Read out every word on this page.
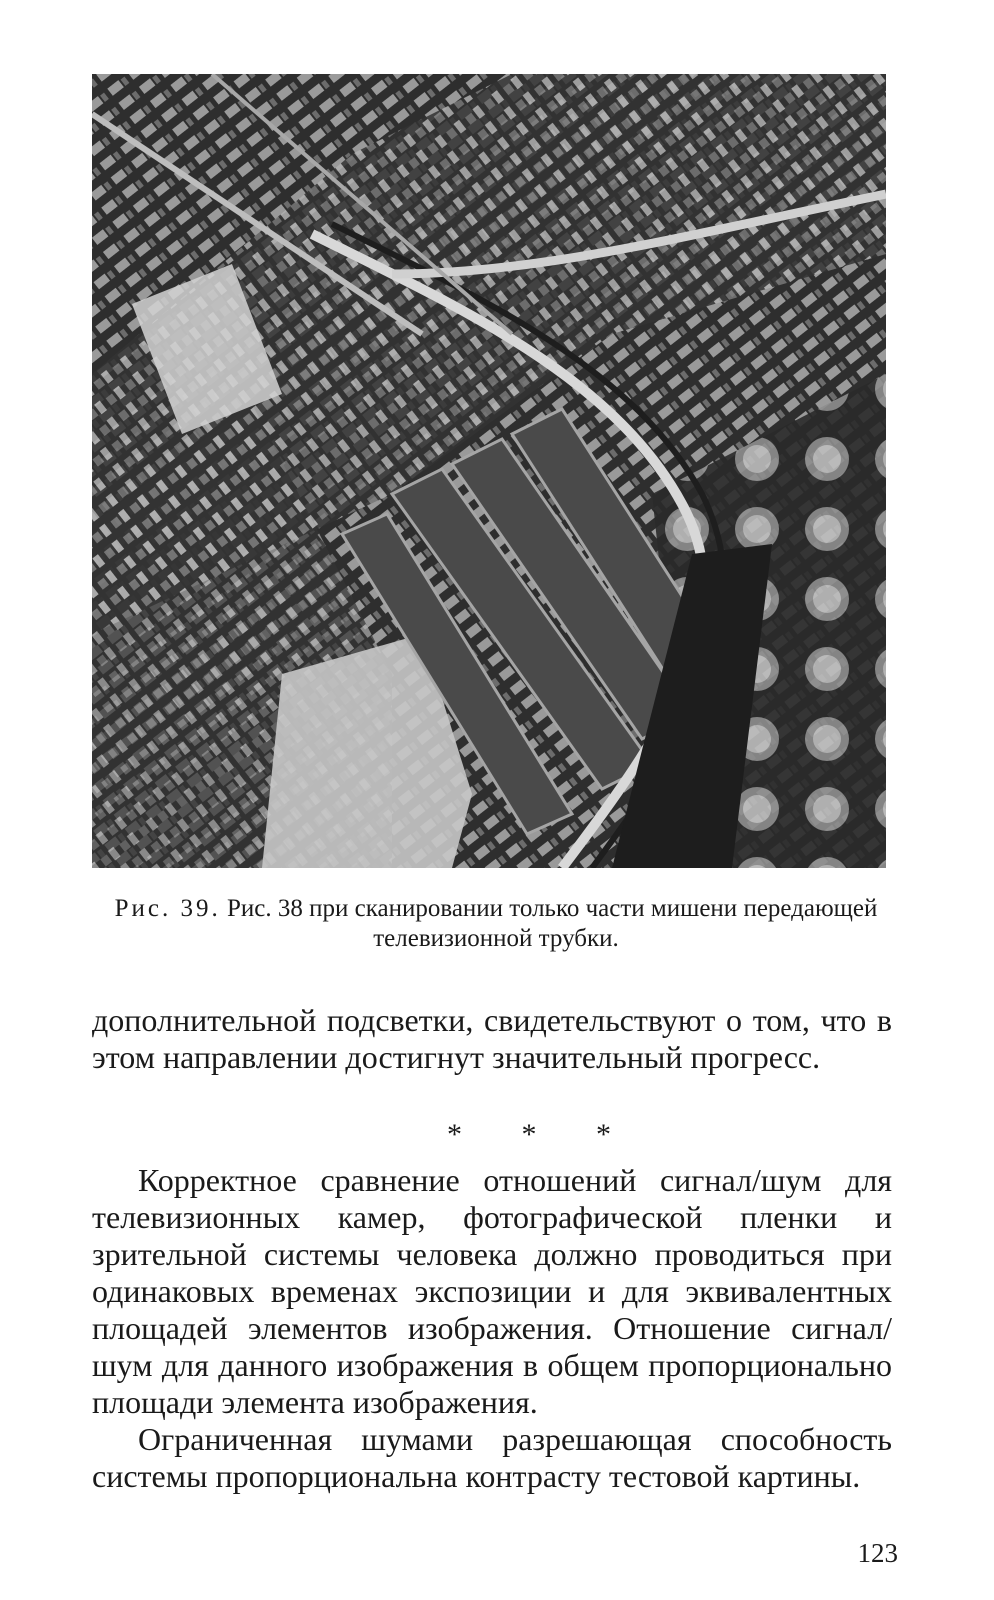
Рис. 39. Рис. 38 при сканировании только части мишени передающей телевизионной трубки.
дополнительной подсветки, свидетельствуют о том, что в этом направлении достигнут значительный прогресс.
* * *

Корректное сравнение отношений сигнал/шум для телевизионных камер, фотографической пленки и зрительной системы человека должно проводиться при одинаковых временах экспозиции и для эквивалентных площадей элементов изображения. Отношение сигнал/шум для данного изображения в общем пропорционально площади элемента изображения.

Ограниченная шумами разрешающая способность системы пропорциональна контрасту тестовой картины.

123
